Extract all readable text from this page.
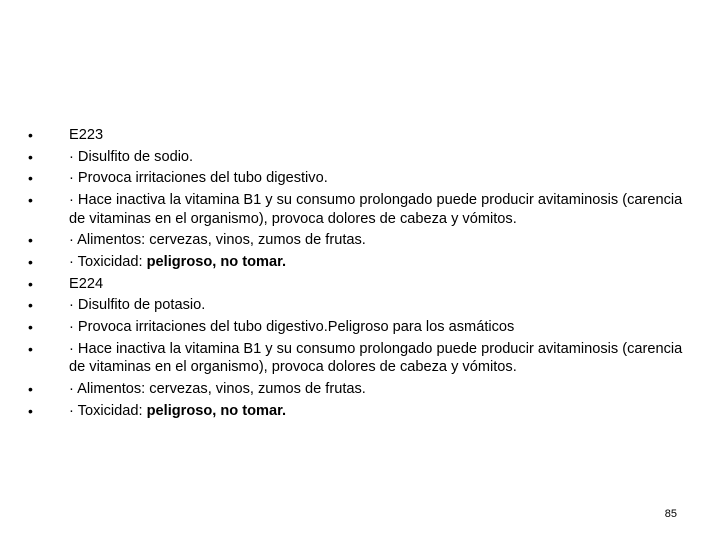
•	E223
•	· Disulfito de sodio.
•	· Provoca irritaciones del tubo digestivo.
•	· Hace inactiva la vitamina B1 y su consumo prolongado puede producir avitaminosis (carencia de vitaminas en el organismo), provoca dolores de cabeza y vómitos.
•	· Alimentos: cervezas, vinos, zumos de frutas.
•	· Toxicidad: peligroso, no tomar.
•	E224
•	· Disulfito de potasio.
•	· Provoca irritaciones del tubo digestivo.Peligroso para los asmáticos
•	· Hace inactiva la vitamina B1 y su consumo prolongado puede producir avitaminosis (carencia de vitaminas en el organismo), provoca dolores de cabeza y vómitos.
•	· Alimentos: cervezas, vinos, zumos de frutas.
•	· Toxicidad: peligroso, no tomar.
85
